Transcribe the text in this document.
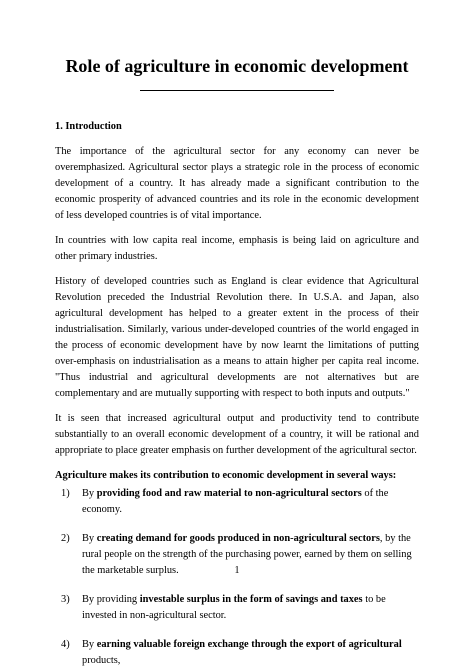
Role of agriculture in economic development

1. Introduction

The importance of the agricultural sector for any economy can never be overemphasized. Agricultural sector plays a strategic role in the process of economic development of a country. It has already made a significant contribution to the economic prosperity of advanced countries and its role in the economic development of less developed countries is of vital importance.

In countries with low capita real income, emphasis is being laid on agriculture and other primary industries.

History of developed countries such as England is clear evidence that Agricultural Revolution preceded the Industrial Revolution there. In U.S.A. and Japan, also agricultural development has helped to a greater extent in the process of their industrialisation. Similarly, various under-developed countries of the world engaged in the process of economic development have by now learnt the limitations of putting over-emphasis on industrialisation as a means to attain higher per capita real income. "Thus industrial and agricultural developments are not alternatives but are complementary and are mutually supporting with respect to both inputs and outputs."

It is seen that increased agricultural output and productivity tend to contribute substantially to an overall economic development of a country, it will be rational and appropriate to place greater emphasis on further development of the agricultural sector.

Agriculture makes its contribution to economic development in several ways:

1) By providing food and raw material to non-agricultural sectors of the economy.
2) By creating demand for goods produced in non-agricultural sectors, by the rural people on the strength of the purchasing power, earned by them on selling the marketable surplus.
3) By providing investable surplus in the form of savings and taxes to be invested in non-agricultural sector.
4) By earning valuable foreign exchange through the export of agricultural products,
1
